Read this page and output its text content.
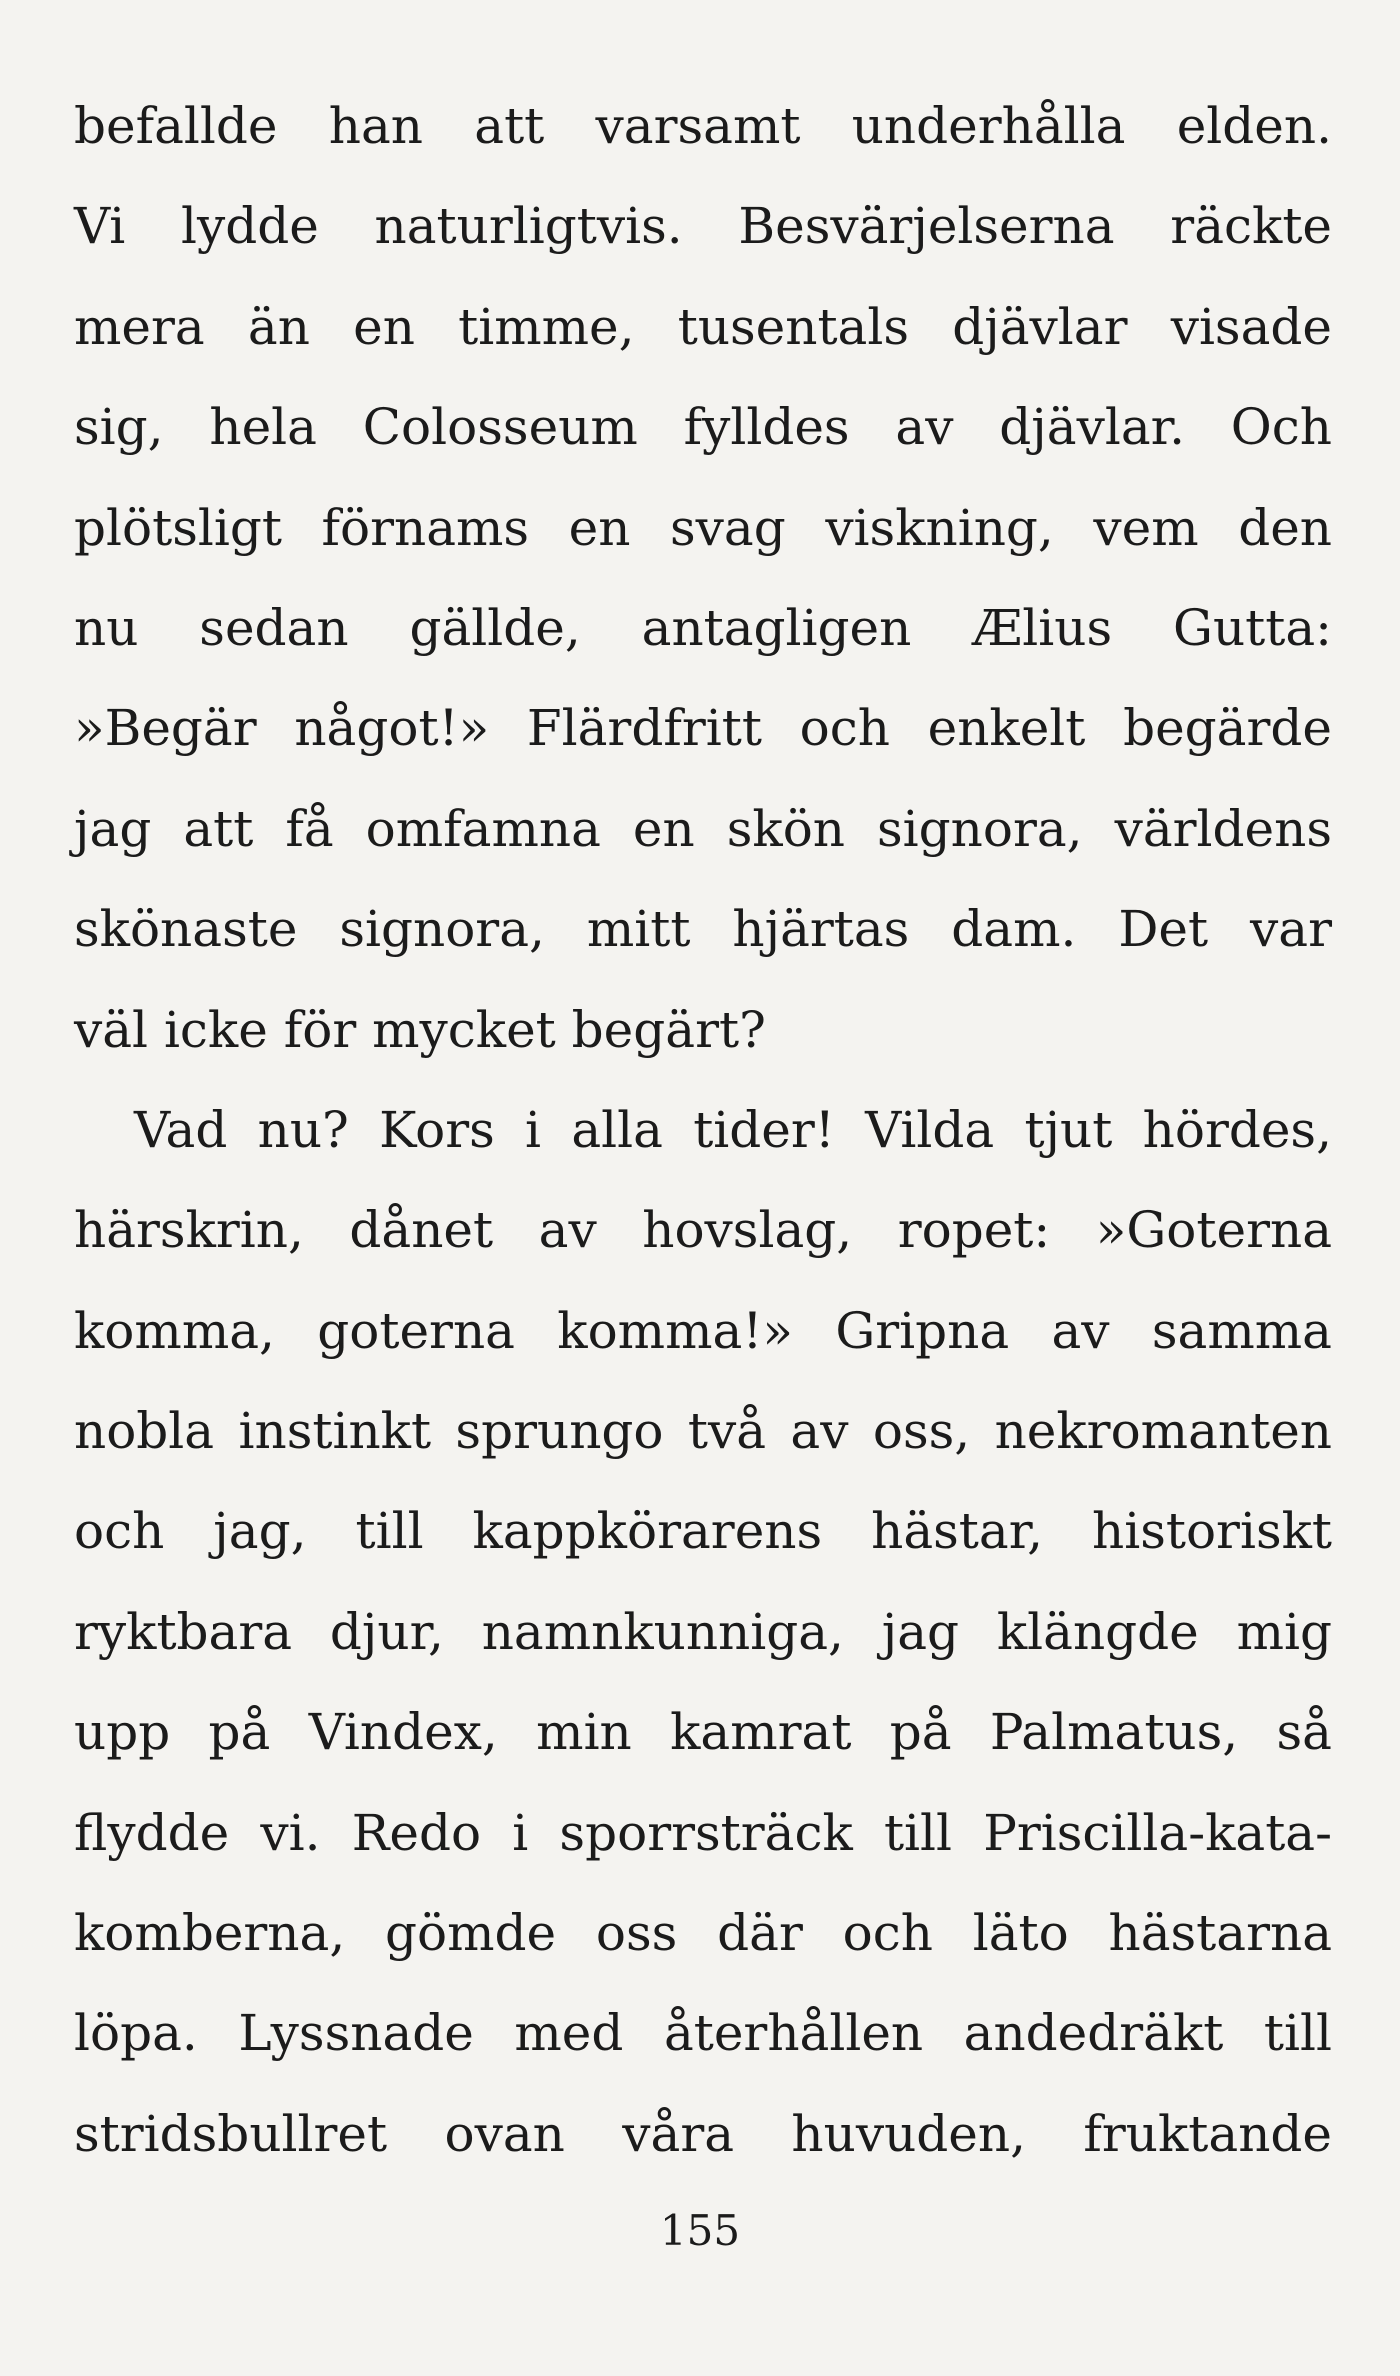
befallde han att varsamt underhålla elden.
Vi lydde naturligtvis. Besvärjelserna räckte
mera än en timme, tusentals djävlar visade
sig, hela Colosseum fylldes av djävlar. Och
plötsligt förnams en svag viskning, vem den
nu sedan gällde, antagligen Ælius Gutta:
»Begär något!» Flärdfritt och enkelt begärde
jag att få omfamna en skön signora, världens
skönaste signora, mitt hjärtas dam. Det var
väl icke för mycket begärt?
Vad nu? Kors i alla tider! Vilda tjut hördes,
härskrin, dånet av hovslag, ropet: »Goterna
komma, goterna komma!» Gripna av samma
nobla instinkt sprungo två av oss, nekromanten
och jag, till kappkörarens hästar, historiskt
ryktbara djur, namnkunniga, jag klängde mig
upp på Vindex, min kamrat på Palmatus, så
flydde vi. Redo i sporrsträck till Priscilla-kata-
komberna, gömde oss där och läto hästarna
löpa. Lyssnade med återhållen andedräkt till
stridsbullret ovan våra huvuden, fruktande
155
